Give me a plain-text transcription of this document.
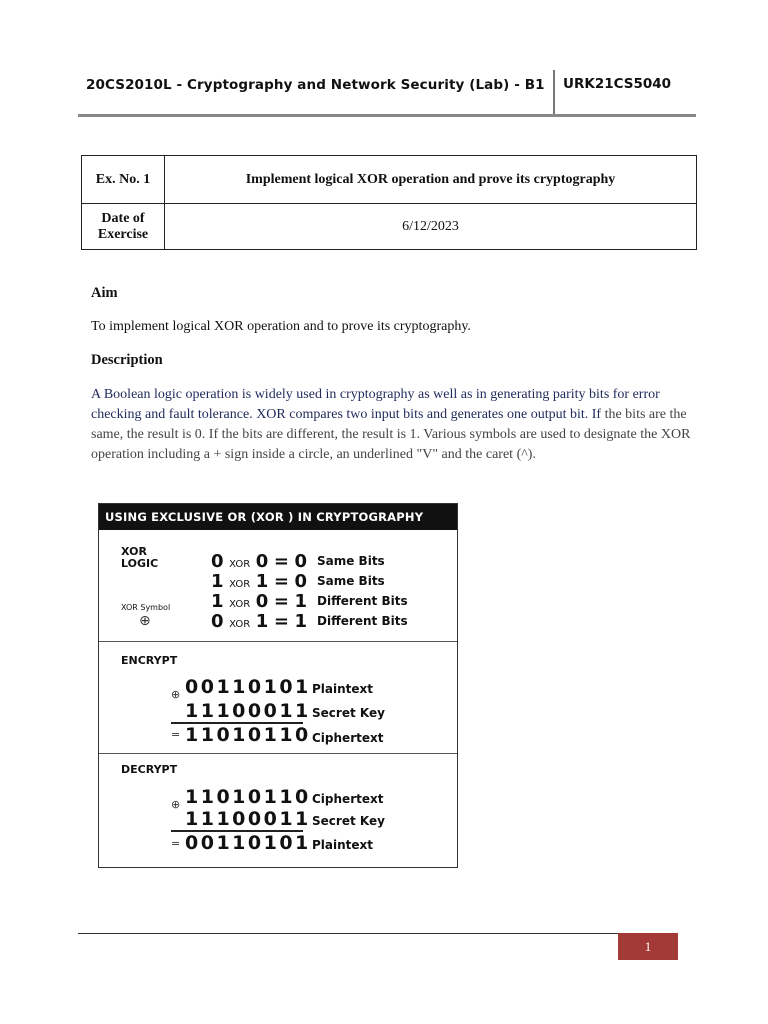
20CS2010L - Cryptography and Network Security (Lab) - B1 URK21CS5040
Ex. No. 1	Implement logical XOR operation and prove its cryptography
Date of Exercise	6/12/2023
Aim
To implement logical XOR operation and to prove its cryptography.
Description
A Boolean logic operation is widely used in cryptography as well as in generating parity bits for error checking and fault tolerance. XOR compares two input bits and generates one output bit. If the bits are the same, the result is 0. If the bits are different, the result is 1. Various symbols are used to designate the XOR operation including a + sign inside a circle, an underlined "V" and the caret (^).
USING EXCLUSIVE OR (XOR ) IN CRYPTOGRAPHY
XOR LOGIC
XOR Symbol
⊕
0 XOR 0 = 0 Same Bits
1 XOR 1 = 0 Same Bits
1 XOR 0 = 1 Different Bits
0 XOR 1 = 1 Different Bits
ENCRYPT
⊕ 00110101 Plaintext
11100011 Secret Key
= 11010110 Ciphertext
DECRYPT
⊕ 11010110 Ciphertext
11100011 Secret Key
= 00110101 Plaintext
1
